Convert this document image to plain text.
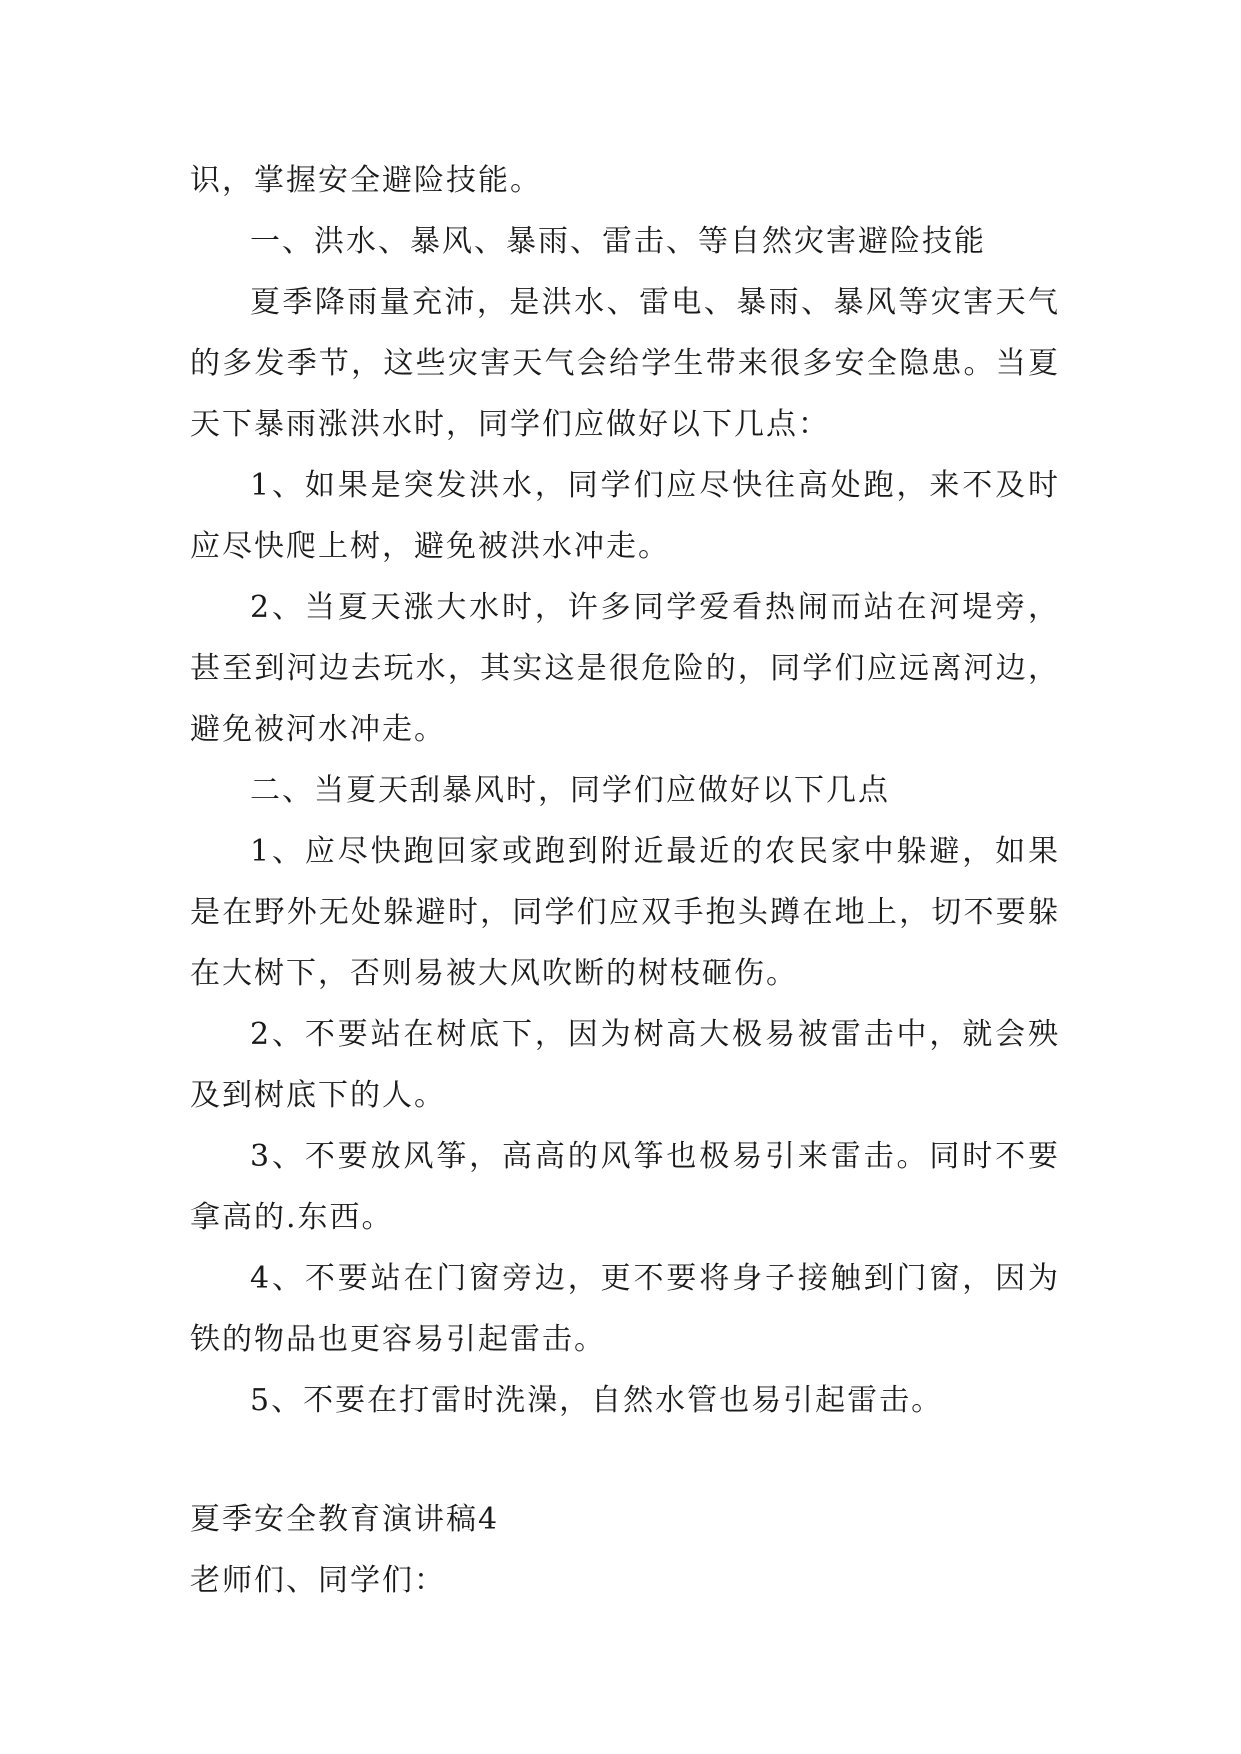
识，掌握安全避险技能。

一、洪水、暴风、暴雨、雷击、等自然灾害避险技能

夏季降雨量充沛，是洪水、雷电、暴雨、暴风等灾害天气的多发季节，这些灾害天气会给学生带来很多安全隐患。当夏天下暴雨涨洪水时，同学们应做好以下几点：

1、如果是突发洪水，同学们应尽快往高处跑，来不及时应尽快爬上树，避免被洪水冲走。

2、当夏天涨大水时，许多同学爱看热闹而站在河堤旁，甚至到河边去玩水，其实这是很危险的，同学们应远离河边，避免被河水冲走。

二、当夏天刮暴风时，同学们应做好以下几点

1、应尽快跑回家或跑到附近最近的农民家中躲避，如果是在野外无处躲避时，同学们应双手抱头蹲在地上，切不要躲在大树下，否则易被大风吹断的树枝砸伤。

2、不要站在树底下，因为树高大极易被雷击中，就会殃及到树底下的人。

3、不要放风筝，高高的风筝也极易引来雷击。同时不要拿高的.东西。

4、不要站在门窗旁边，更不要将身子接触到门窗，因为铁的物品也更容易引起雷击。

5、不要在打雷时洗澡，自然水管也易引起雷击。

夏季安全教育演讲稿4

老师们、同学们：
